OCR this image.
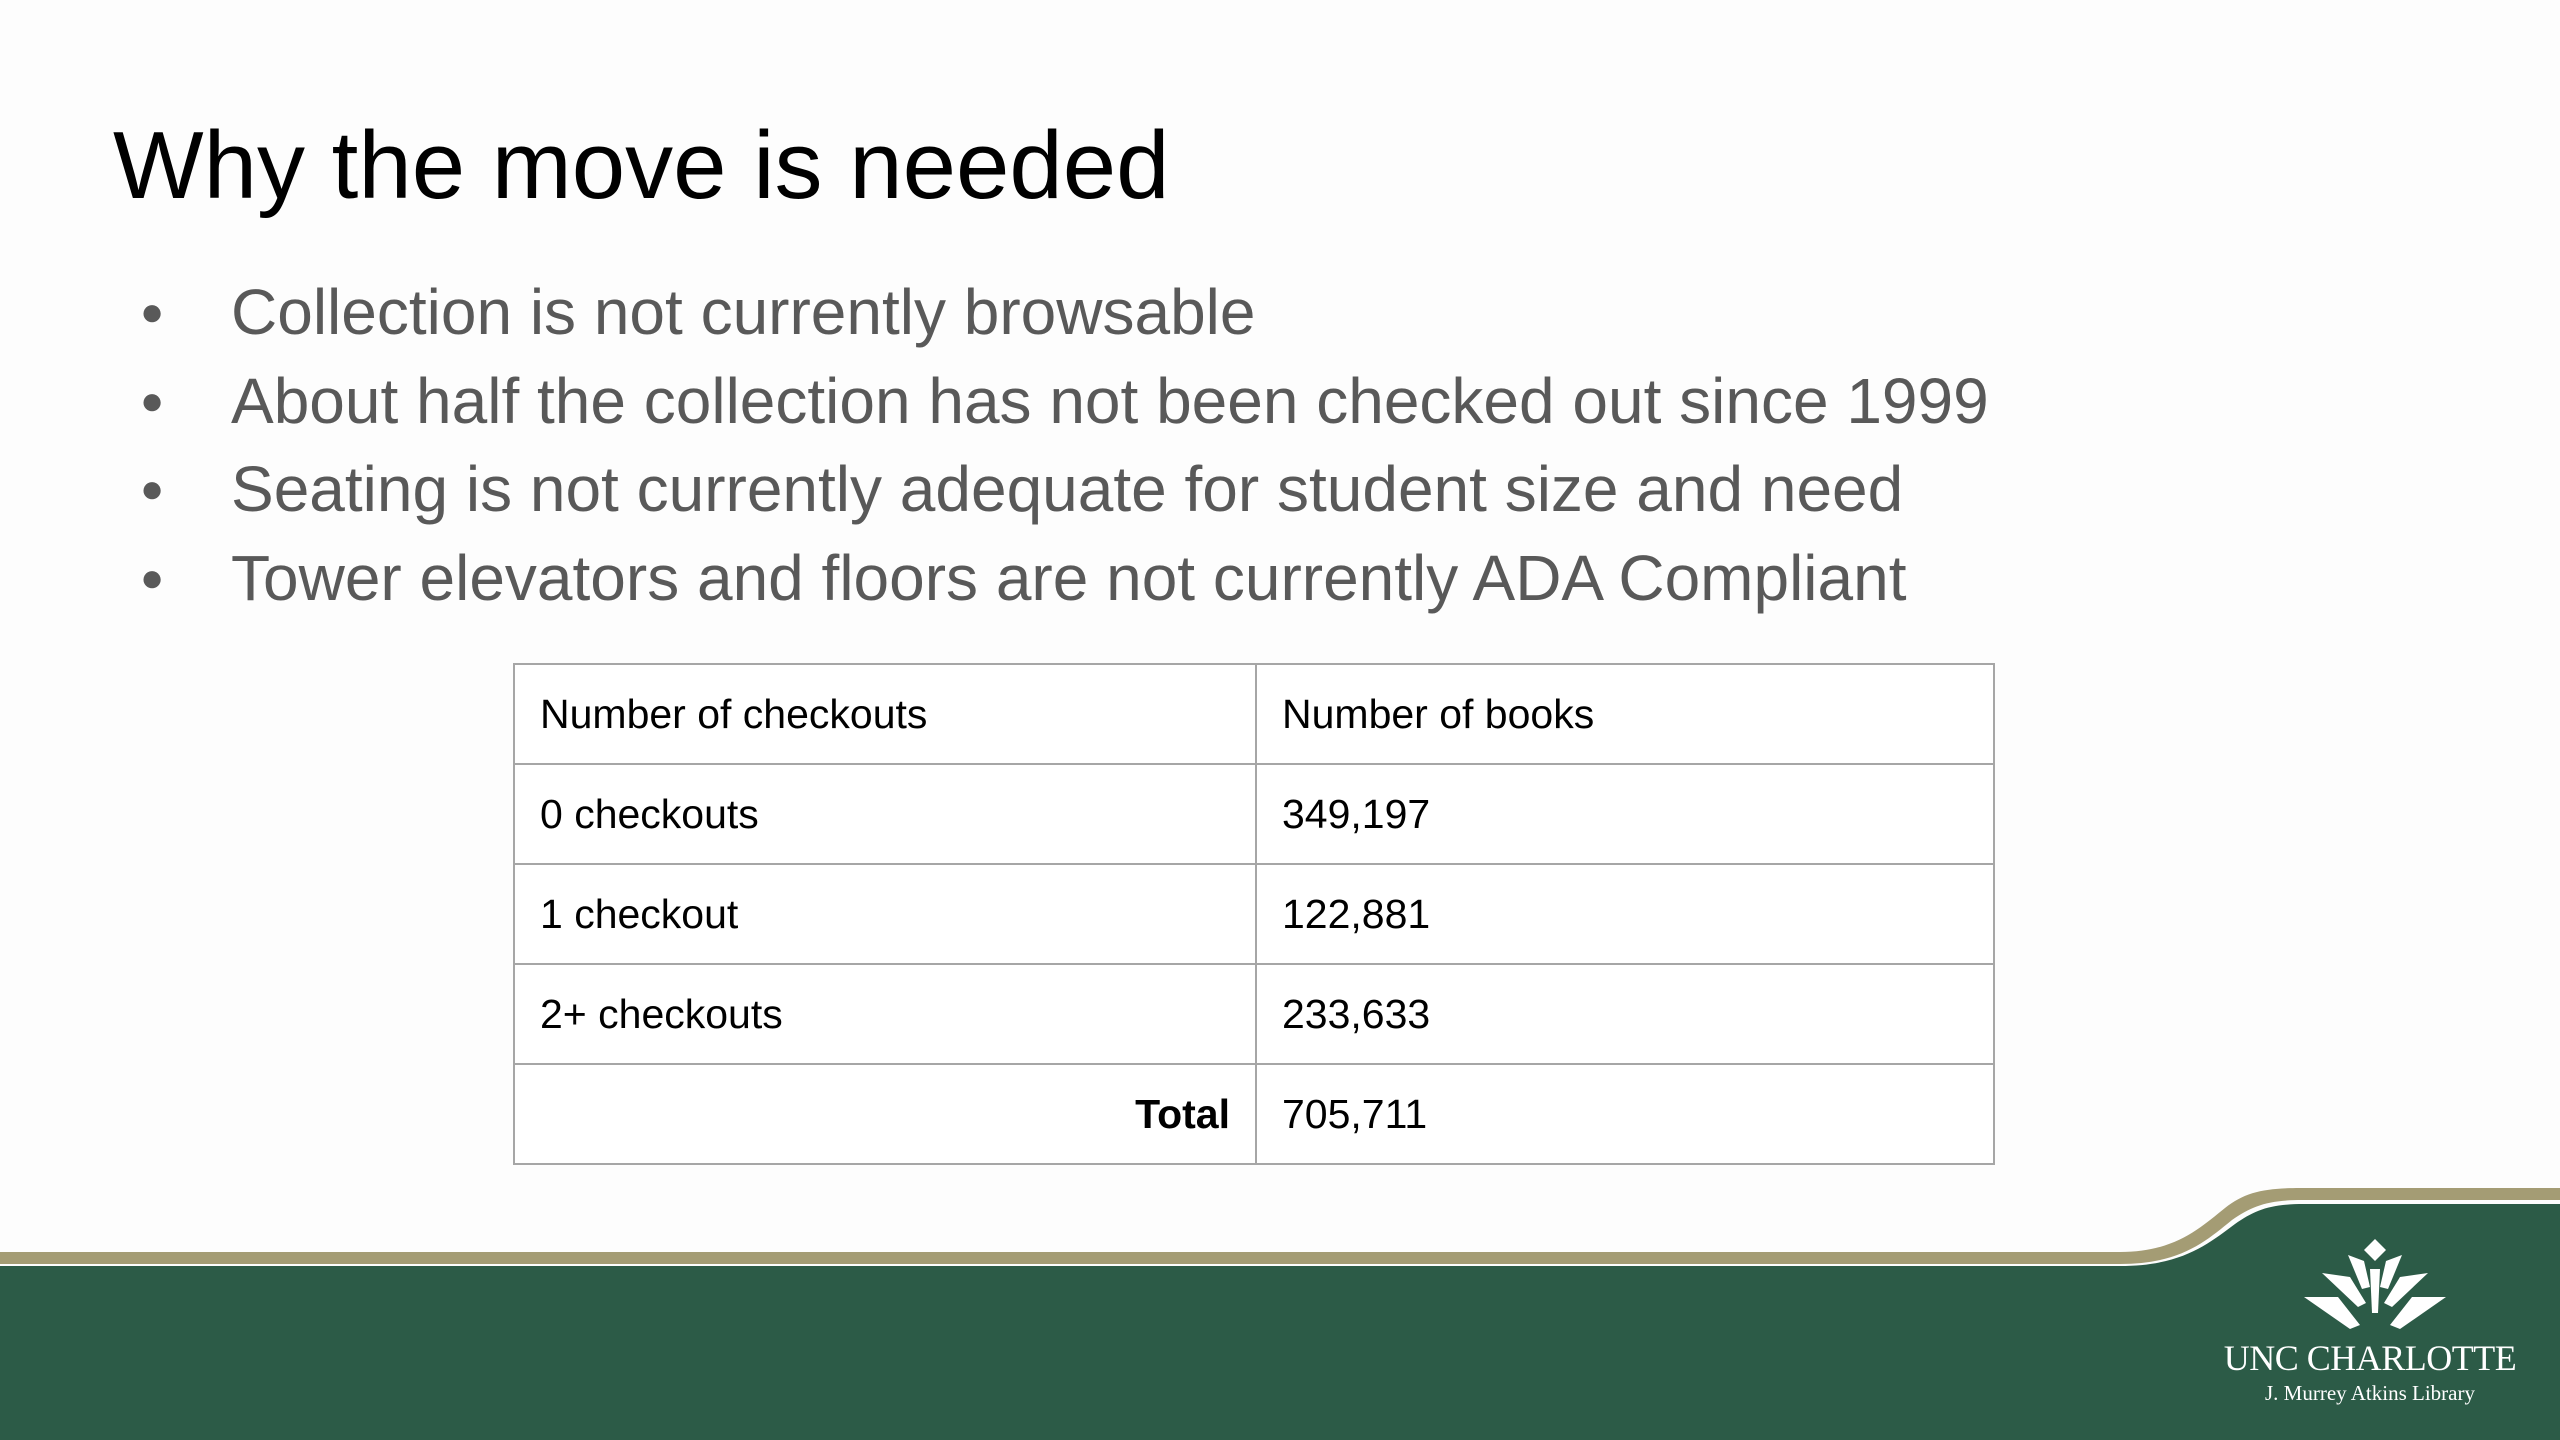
Why the move is needed
● Collection is not currently browsable
● About half the collection has not been checked out since 1999
● Seating is not currently adequate for student size and need
● Tower elevators and floors are not currently ADA Compliant
Number of checkouts	Number of books
0 checkouts	349,197
1 checkout	122,881
2+ checkouts	233,633
Total	705,711
UNC CHARLOTTE
J. Murrey Atkins Library
